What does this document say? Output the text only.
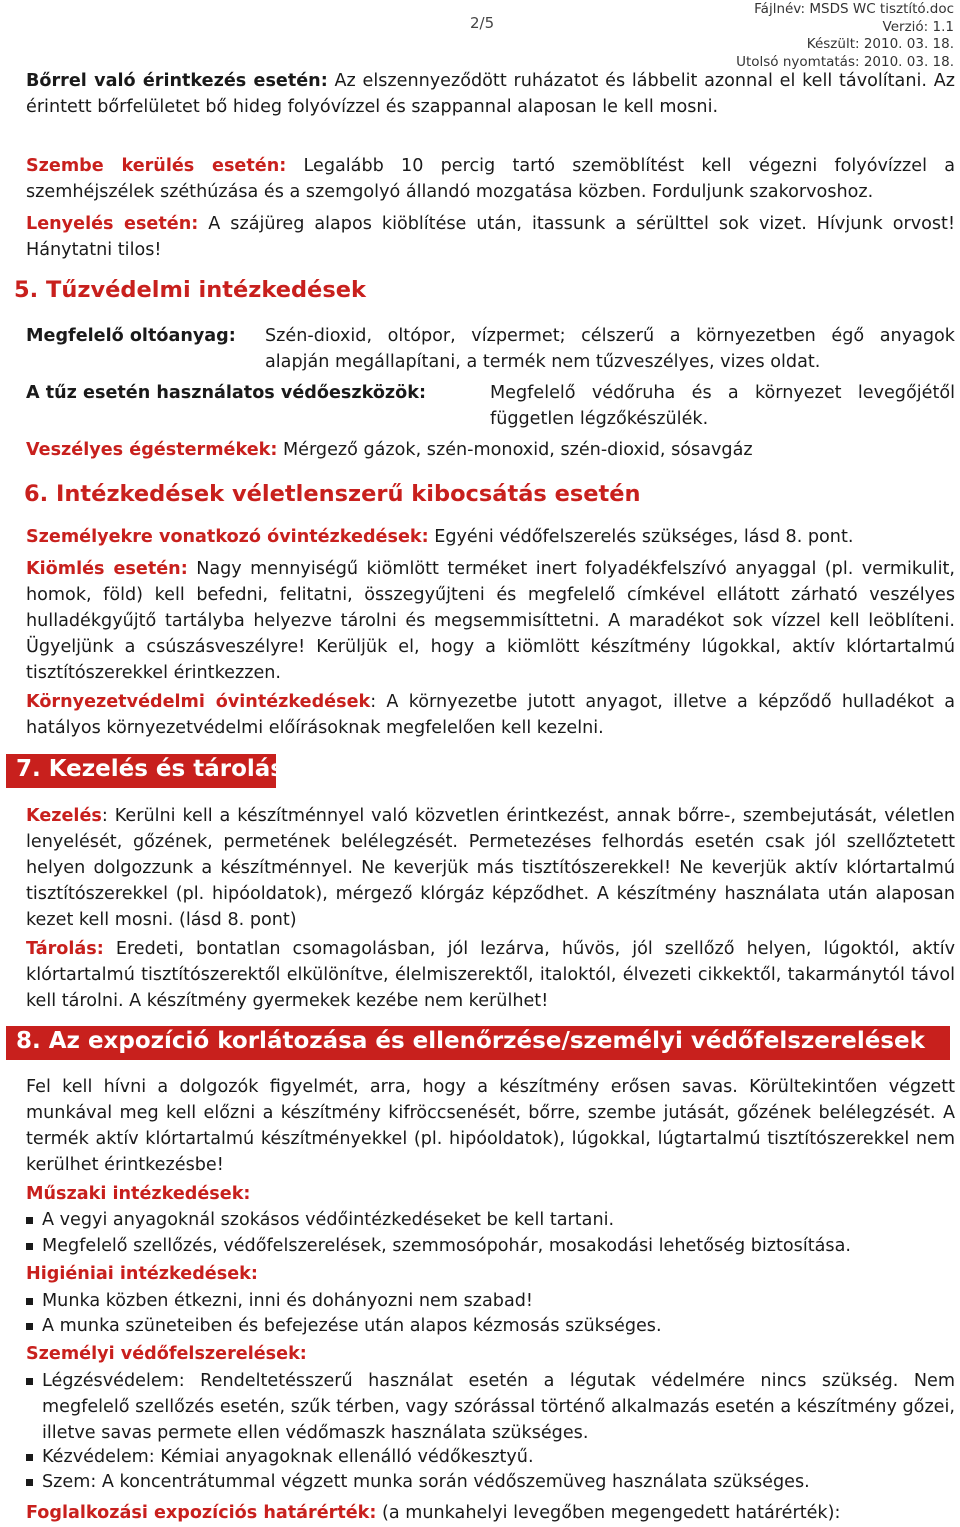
2/5
Fájlnév: MSDS WC tisztító.doc
Verzió: 1.1
Készült: 2010. 03. 18.
Utolsó nyomtatás: 2010. 03. 18.
Bőrrel való érintkezés esetén: Az elszennyeződött ruházatot és lábbelit azonnal el kell távolítani. Az érintett bőrfelületet bő hideg folyóvízzel és szappannal alaposan le kell mosni.
Szembe kerülés esetén: Legalább 10 percig tartó szemöblítést kell végezni folyóvízzel a szemhéjszélek széthúzása és a szemgolyó állandó mozgatása közben. Forduljunk szakorvoshoz.
Lenyelés esetén: A szájüreg alapos kiöblítése után, itassunk a sérülttel sok vizet. Hívjunk orvost! Hánytatni tilos!
5. Tűzvédelmi intézkedések
Megfelelő oltóanyag: Szén-dioxid, oltópor, vízpermet; célszerű a környezetben égő anyagok alapján megállapítani, a termék nem tűzveszélyes, vizes oldat.
A tűz esetén használatos védőeszközök:	Megfelelő védőruha és a környezet levegőjétől független légzőkészülék.
Veszélyes égéstermékek: Mérgező gázok, szén-monoxid, szén-dioxid, sósavgáz
6. Intézkedések véletlenszerű kibocsátás esetén
Személyekre vonatkozó óvintézkedések: Egyéni védőfelszerelés szükséges, lásd 8. pont.
Kiömlés esetén: Nagy mennyiségű kiömlött terméket inert folyadékfelszívó anyaggal (pl. vermikulit, homok, föld) kell befedni, felitatni, összegyűjteni és megfelelő címkével ellátott zárható veszélyes hulladékgyűjtő tartályba helyezve tárolni és megsemmisíttetni. A maradékot sok vízzel kell leöblíteni. Ügyeljünk a csúszásveszélyre! Kerüljük el, hogy a kiömlött készítmény lúgokkal, aktív klórtartalmú tisztítószerekkel érintkezzen.
Környezetvédelmi óvintézkedések: A környezetbe jutott anyagot, illetve a képződő hulladékot a hatályos környezetvédelmi előírásoknak megfelelően kell kezelni.
7. Kezelés és tárolás
Kezelés: Kerülni kell a készítménnyel való közvetlen érintkezést, annak bőrre-, szembejutását, véletlen lenyelését, gőzének, permetének belélegzését. Permetezéses felhordás esetén csak jól szellőztetett helyen dolgozzunk a készítménnyel. Ne keverjük más tisztítószerekkel! Ne keverjük aktív klórtartalmú tisztítószerekkel (pl. hipóoldatok), mérgező klórgáz képződhet. A készítmény használata után alaposan kezet kell mosni. (lásd 8. pont)
Tárolás: Eredeti, bontatlan csomagolásban, jól lezárva, hűvös, jól szellőző helyen, lúgoktól, aktív klórtartalmú tisztítószerektől elkülönítve, élelmiszerektől, italoktól, élvezeti cikkektől, takarmánytól távol kell tárolni. A készítmény gyermekek kezébe nem kerülhet!
8. Az expozíció korlátozása és ellenőrzése/személyi védőfelszerelések
Fel kell hívni a dolgozók figyelmét, arra, hogy a készítmény erősen savas. Körültekintően végzett munkával meg kell előzni a készítmény kifröccsenését, bőrre, szembe jutását, gőzének belélegzését. A termék aktív klórtartalmú készítményekkel (pl. hipóoldatok), lúgokkal, lúgtartalmú tisztítószerekkel nem kerülhet érintkezésbe!
Műszaki intézkedések:
A vegyi anyagoknál szokásos védőintézkedéseket be kell tartani.
Megfelelő szellőzés, védőfelszerelések, szemmosópohár, mosakodási lehetőség biztosítása.
Higiéniai intézkedések:
Munka közben étkezni, inni és dohányozni nem szabad!
A munka szüneteiben és befejezése után alapos kézmosás szükséges.
Személyi védőfelszerelések:
Légzésvédelem: Rendeltetésszerű használat esetén a légutak védelmére nincs szükség. Nem megfelelő szellőzés esetén, szűk térben, vagy szórással történő alkalmazás esetén a készítmény gőzei, illetve savas permete ellen védőmaszk használata szükséges.
Kézvédelem: Kémiai anyagoknak ellenálló védőkesztyű.
Szem: A koncentrátummal végzett munka során védőszemüveg használata szükséges.
Foglalkozási expozíciós határérték: (a munkahelyi levegőben megengedett határérték):
